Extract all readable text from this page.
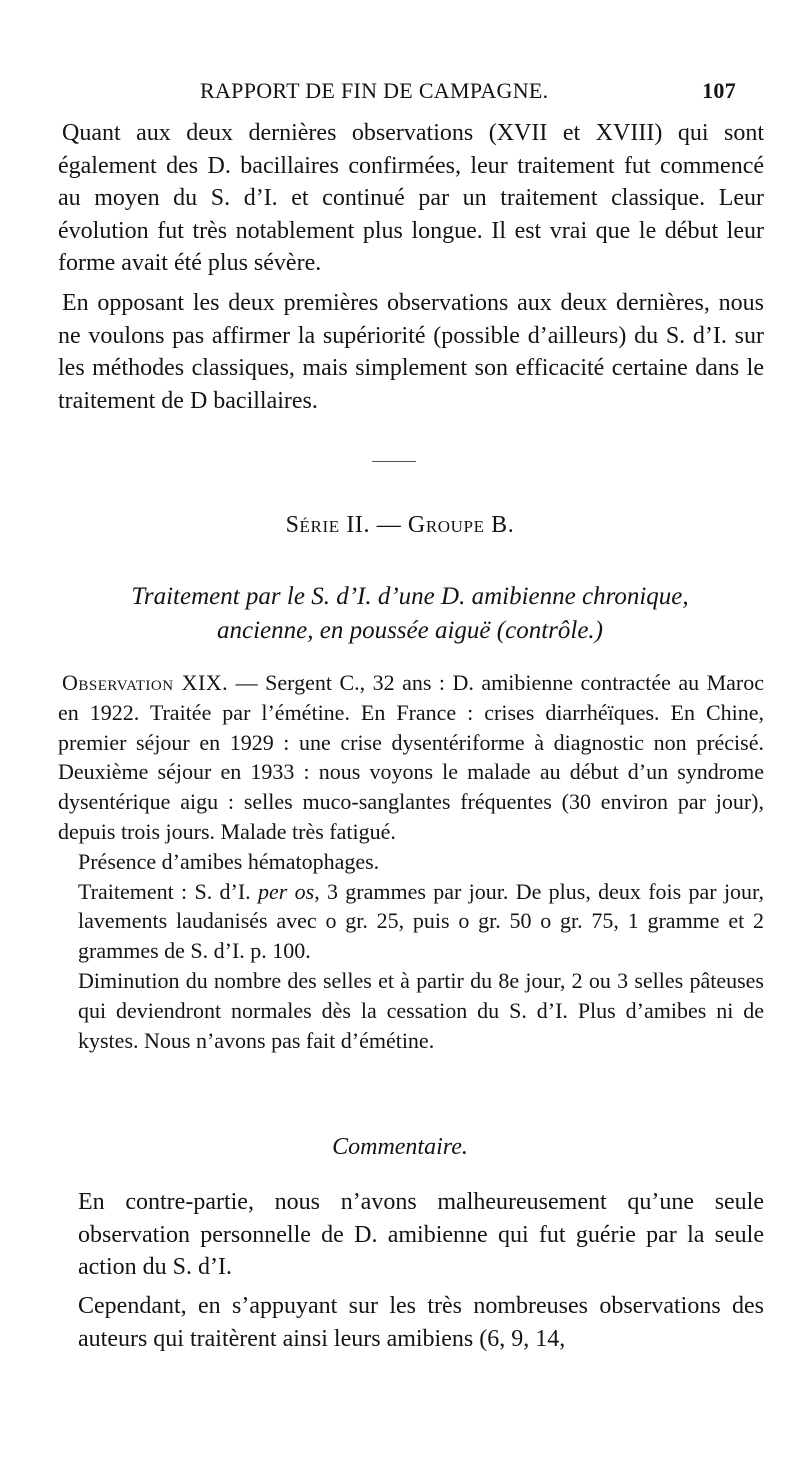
RAPPORT DE FIN DE CAMPAGNE.	107

Quant aux deux dernières observations (XVII et XVIII) qui sont également des D. bacillaires confirmées, leur traitement fut commencé au moyen du S. d’I. et continué par un traitement classique. Leur évolution fut très notablement plus longue. Il est vrai que le début leur forme avait été plus sévère.

En opposant les deux premières observations aux deux dernières, nous ne voulons pas affirmer la supériorité (possible d’ailleurs) du S. d’I. sur les méthodes classiques, mais simplement son efficacité certaine dans le traitement de D bacillaires.

Série II. — Groupe B.
Traitement par le S. d’I. d’une D. amibienne chronique,
ancienne, en poussée aiguë (contrôle.)

Observation XIX. — Sergent C., 32 ans : D. amibienne contractée au Maroc en 1922. Traitée par l’émétine. En France : crises diarrhéïques. En Chine, premier séjour en 1929 : une crise dysentériforme à diagnostic non précisé. Deuxième séjour en 1933 : nous voyons le malade au début d’un syndrome dysentérique aigu : selles muco-sanglantes fréquentes (30 environ par jour), depuis trois jours. Malade très fatigué.

Présence d’amibes hématophages.

Traitement : S. d’I. per os, 3 grammes par jour. De plus, deux fois par jour, lavements laudanisés avec o gr. 25, puis o gr. 50 o gr. 75, 1 gramme et 2 grammes de S. d’I. p. 100.

Diminution du nombre des selles et à partir du 8e jour, 2 ou 3 selles pâteuses qui deviendront normales dès la cessation du S. d’I. Plus d’amibes ni de kystes. Nous n’avons pas fait d’émétine.

Commentaire.

En contre-partie, nous n’avons malheureusement qu’une seule observation personnelle de D. amibienne qui fut guérie par la seule action du S. d’I.

Cependant, en s’appuyant sur les très nombreuses observations des auteurs qui traitèrent ainsi leurs amibiens (6, 9, 14,
